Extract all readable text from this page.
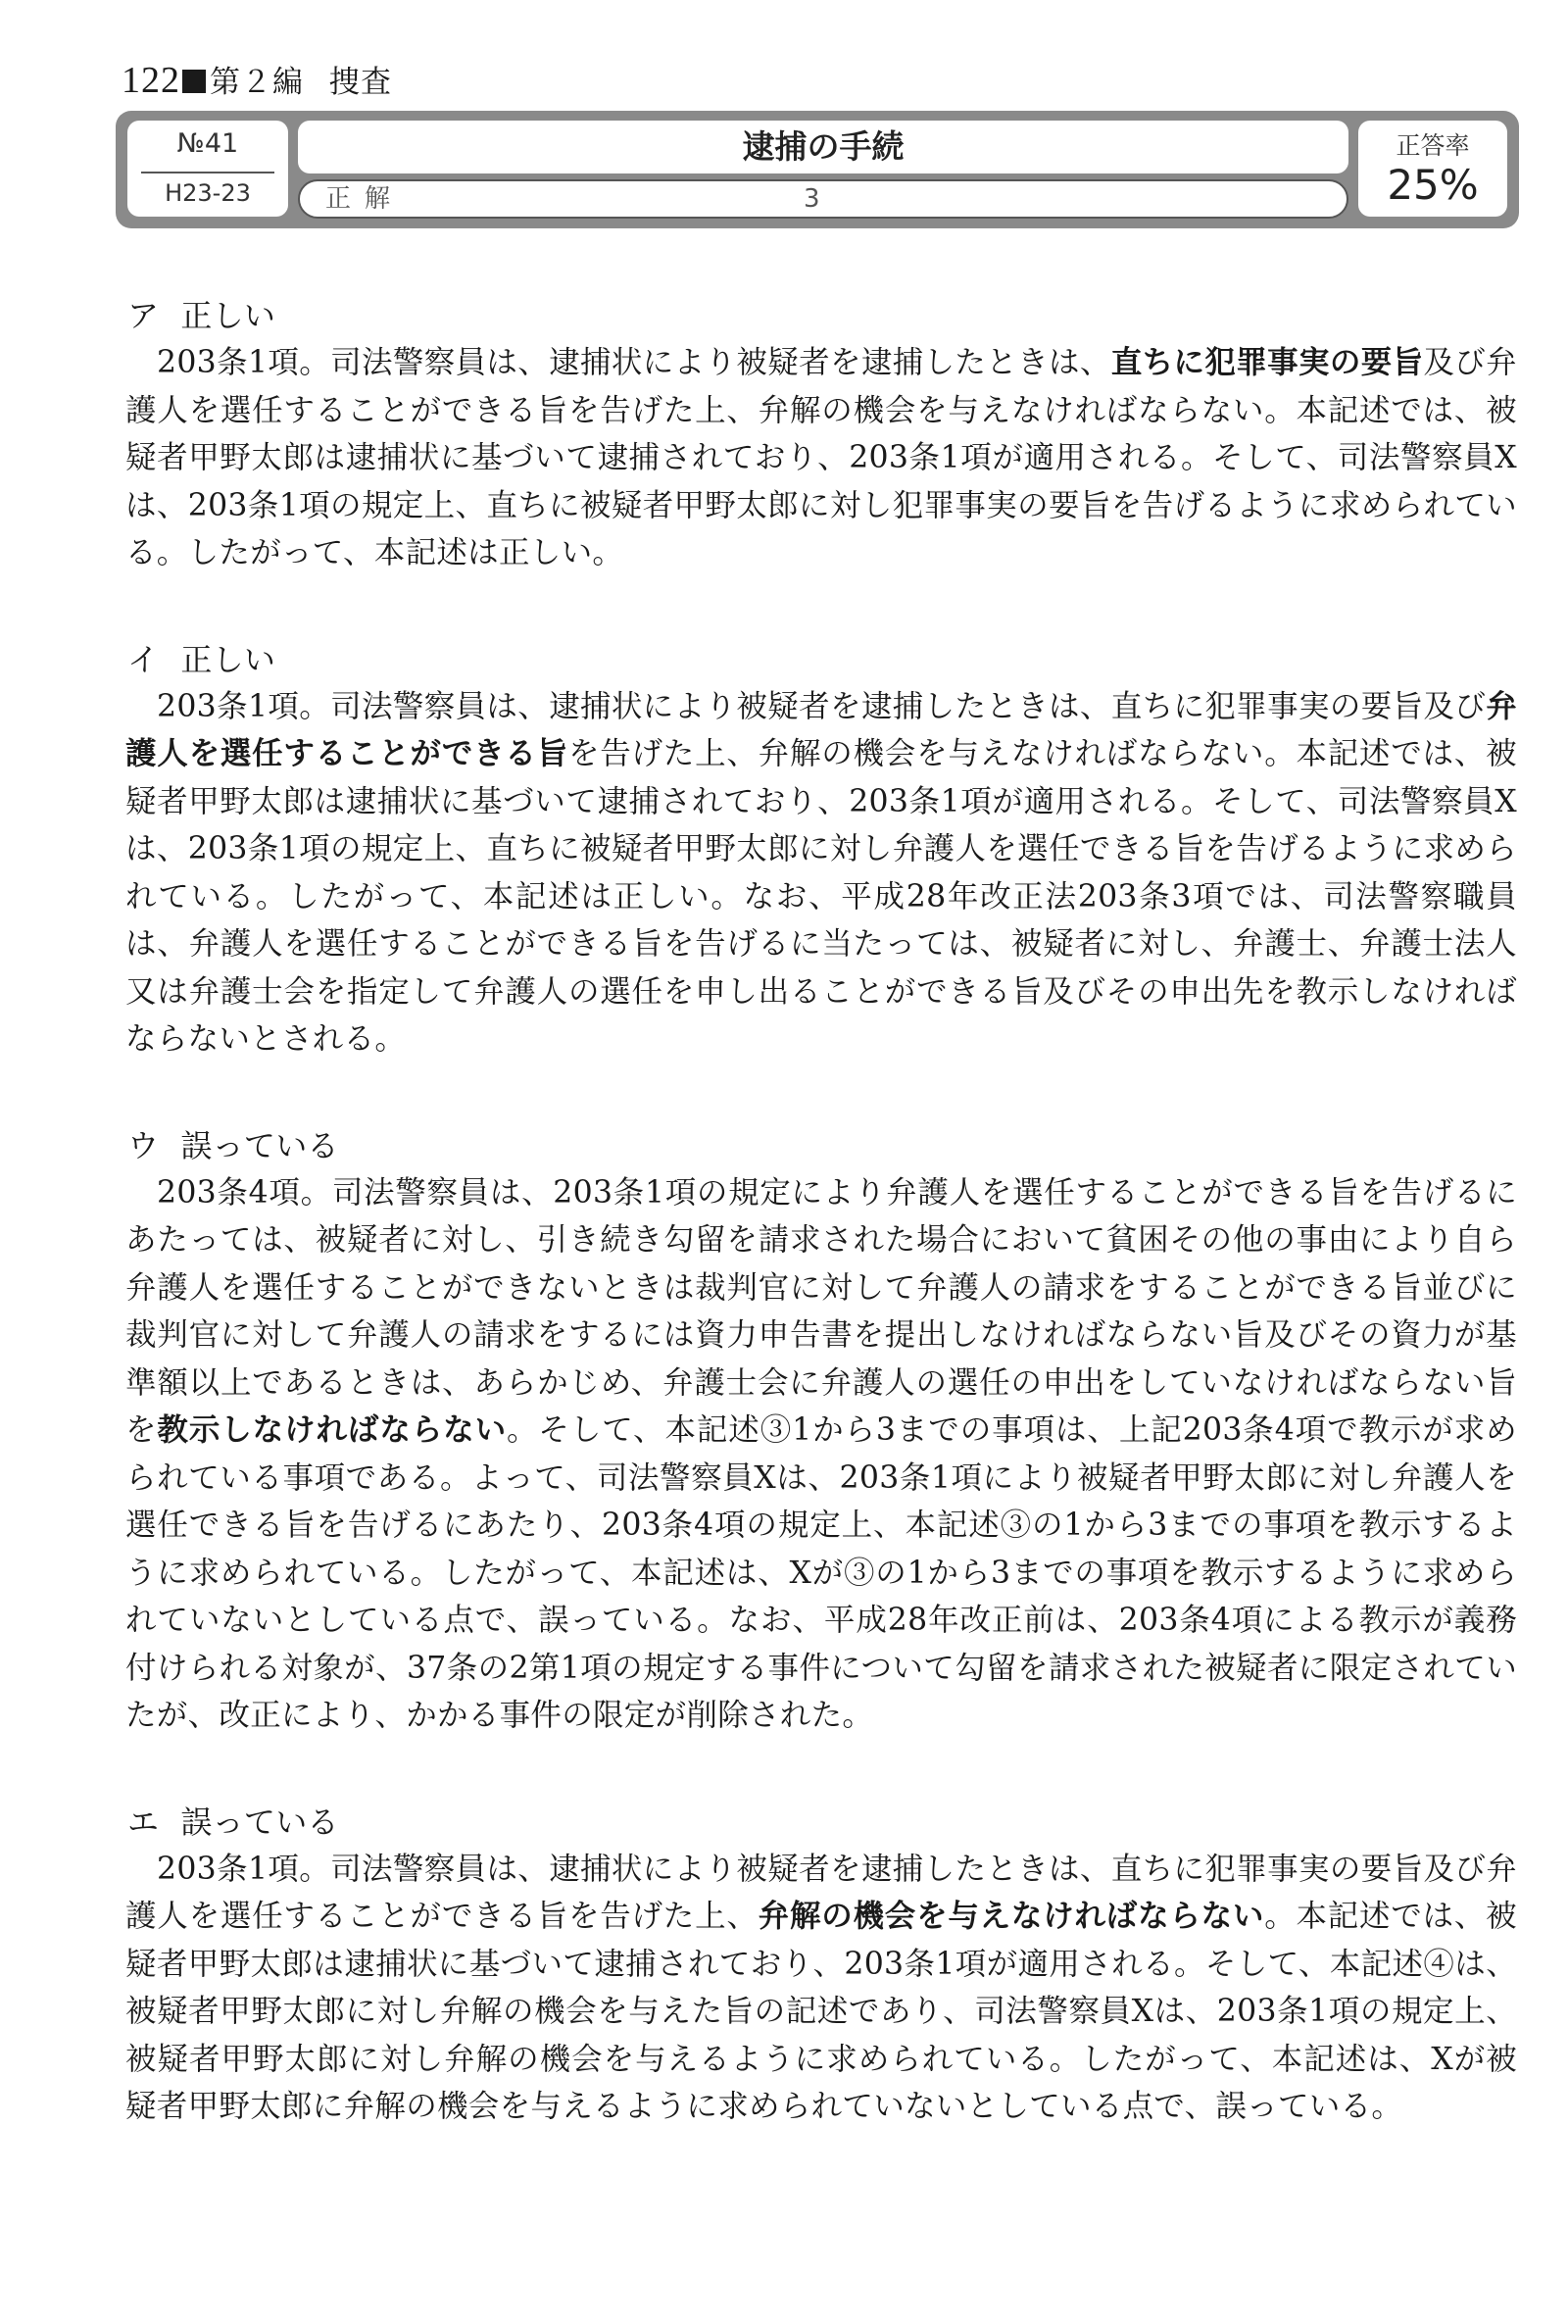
122 第２編 捜査
№41
H23-23
逮捕の手続
正解	3
正答率
25%
ア 正しい
203条1項。司法警察員は、逮捕状により被疑者を逮捕したときは、直ちに犯罪事実の要旨及び弁護人を選任することができる旨を告げた上、弁解の機会を与えなければならない。本記述では、被疑者甲野太郎は逮捕状に基づいて逮捕されており、203条1項が適用される。そして、司法警察員Xは、203条1項の規定上、直ちに被疑者甲野太郎に対し犯罪事実の要旨を告げるように求められている。したがって、本記述は正しい。
イ 正しい
203条1項。司法警察員は、逮捕状により被疑者を逮捕したときは、直ちに犯罪事実の要旨及び弁護人を選任することができる旨を告げた上、弁解の機会を与えなければならない。本記述では、被疑者甲野太郎は逮捕状に基づいて逮捕されており、203条1項が適用される。そして、司法警察員Xは、203条1項の規定上、直ちに被疑者甲野太郎に対し弁護人を選任できる旨を告げるように求められている。したがって、本記述は正しい。なお、平成28年改正法203条3項では、司法警察職員は、弁護人を選任することができる旨を告げるに当たっては、被疑者に対し、弁護士、弁護士法人又は弁護士会を指定して弁護人の選任を申し出ることができる旨及びその申出先を教示しなければならないとされる。
ウ 誤っている
203条4項。司法警察員は、203条1項の規定により弁護人を選任することができる旨を告げるにあたっては、被疑者に対し、引き続き勾留を請求された場合において貧困その他の事由により自ら弁護人を選任することができないときは裁判官に対して弁護人の請求をすることができる旨並びに裁判官に対して弁護人の請求をするには資力申告書を提出しなければならない旨及びその資力が基準額以上であるときは、あらかじめ、弁護士会に弁護人の選任の申出をしていなければならない旨を教示しなければならない。そして、本記述③1から3までの事項は、上記203条4項で教示が求められている事項である。よって、司法警察員Xは、203条1項により被疑者甲野太郎に対し弁護人を選任できる旨を告げるにあたり、203条4項の規定上、本記述③の1から3までの事項を教示するように求められている。したがって、本記述は、Xが③の1から3までの事項を教示するように求められていないとしている点で、誤っている。なお、平成28年改正前は、203条4項による教示が義務付けられる対象が、37条の2第1項の規定する事件について勾留を請求された被疑者に限定されていたが、改正により、かかる事件の限定が削除された。
エ 誤っている
203条1項。司法警察員は、逮捕状により被疑者を逮捕したときは、直ちに犯罪事実の要旨及び弁護人を選任することができる旨を告げた上、弁解の機会を与えなければならない。本記述では、被疑者甲野太郎は逮捕状に基づいて逮捕されており、203条1項が適用される。そして、本記述④は、被疑者甲野太郎に対し弁解の機会を与えた旨の記述であり、司法警察員Xは、203条1項の規定上、被疑者甲野太郎に対し弁解の機会を与えるように求められている。したがって、本記述は、Xが被疑者甲野太郎に弁解の機会を与えるように求められていないとしている点で、誤っている。
